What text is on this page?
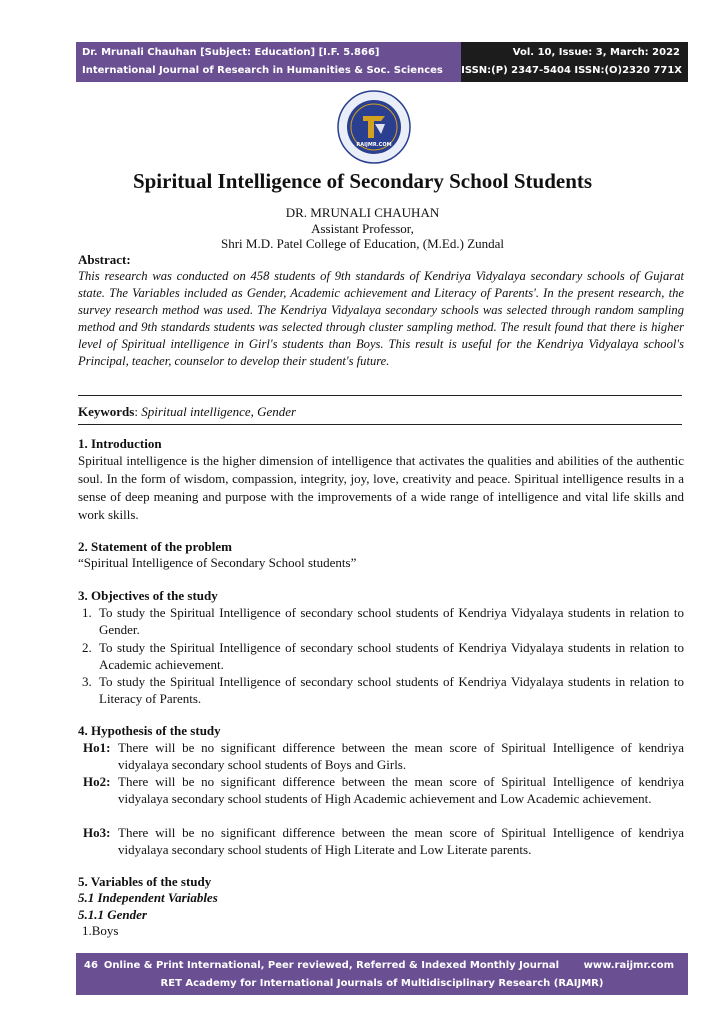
Dr. Mrunali Chauhan [Subject: Education] [I.F. 5.866]
International Journal of Research in Humanities & Soc. Sciences
Vol. 10, Issue: 3, March: 2022
ISSN:(P) 2347-5404 ISSN:(O)2320 771X
RAIJMR.COM
Spiritual Intelligence of Secondary School Students
DR. MRUNALI CHAUHAN
Assistant Professor,
Shri M.D. Patel College of Education, (M.Ed.) Zundal
Abstract:
This research was conducted on 458 students of 9th standards of Kendriya Vidyalaya secondary schools of Gujarat state. The Variables included as Gender, Academic achievement and Literacy of Parents'. In the present research, the survey research method was used. The Kendriya Vidyalaya secondary schools was selected through random sampling method and 9th standards students was selected through cluster sampling method. The result found that there is higher level of Spiritual intelligence in Girl's students than Boys. This result is useful for the Kendriya Vidyalaya school's Principal, teacher, counselor to develop their student's future.
Keywords: Spiritual intelligence, Gender
1. Introduction
Spiritual intelligence is the higher dimension of intelligence that activates the qualities and abilities of the authentic soul. In the form of wisdom, compassion, integrity, joy, love, creativity and peace. Spiritual intelligence results in a sense of deep meaning and purpose with the improvements of a wide range of intelligence and vital life skills and work skills.
2. Statement of the problem
“Spiritual Intelligence of Secondary School students”
3. Objectives of the study
1. To study the Spiritual Intelligence of secondary school students of Kendriya Vidyalaya students in relation to Gender.
2. To study the Spiritual Intelligence of secondary school students of Kendriya Vidyalaya students in relation to Academic achievement.
3. To study the Spiritual Intelligence of secondary school students of Kendriya Vidyalaya students in relation to Literacy of Parents.
4. Hypothesis of the study
Ho1: There will be no significant difference between the mean score of Spiritual Intelligence of kendriya vidyalaya secondary school students of Boys and Girls.
Ho2: There will be no significant difference between the mean score of Spiritual Intelligence of kendriya vidyalaya secondary school students of High Academic achievement and Low Academic achievement.
Ho3: There will be no significant difference between the mean score of Spiritual Intelligence of kendriya vidyalaya secondary school students of High Literate and Low Literate parents.
5. Variables of the study
5.1 Independent Variables
5.1.1 Gender
1.Boys
46 Online & Print International, Peer reviewed, Referred & Indexed Monthly Journal www.raijmr.com
RET Academy for International Journals of Multidisciplinary Research (RAIJMR)
